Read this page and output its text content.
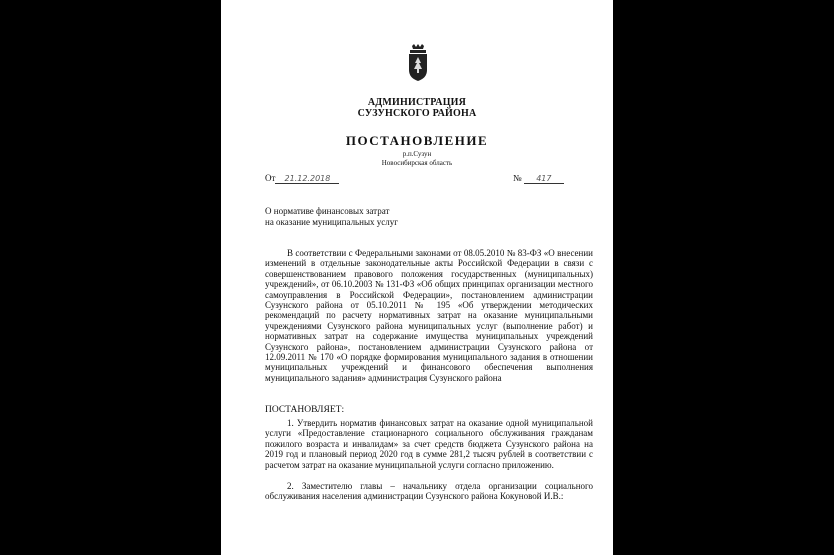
АДМИНИСТРАЦИЯ
СУЗУНСКОГО РАЙОНА
ПОСТАНОВЛЕНИЕ
р.п.Сузун
Новосибирская область
От 21.12.2018	№ 417
О нормативе финансовых затрат
на оказание муниципальных услуг
В соответствии с Федеральными законами от 08.05.2010 № 83-ФЗ «О внесении изменений в отдельные законодательные акты Российской Федерации в связи с совершенствованием правового положения государственных (муниципальных) учреждений», от 06.10.2003 № 131-ФЗ «Об общих принципах организации местного самоуправления в Российской Федерации», постановлением администрации Сузунского района от 05.10.2011 № 195 «Об утверждении методических рекомендаций по расчету нормативных затрат на оказание муниципальными учреждениями Сузунского района муниципальных услуг (выполнение работ) и нормативных затрат на содержание имущества муниципальных учреждений Сузунского района», постановлением администрации Сузунского района от 12.09.2011 № 170 «О порядке формирования муниципального задания в отношении муниципальных учреждений и финансового обеспечения выполнения муниципального задания» администрация Сузунского района
ПОСТАНОВЛЯЕТ:
1. Утвердить норматив финансовых затрат на оказание одной муниципальной услуги «Предоставление стационарного социального обслуживания гражданам пожилого возраста и инвалидам» за счет средств бюджета Сузунского района на 2019 год и плановый период 2020 год в сумме 281,2 тысяч рублей в соответствии с расчетом затрат на оказание муниципальной услуги согласно приложению.
2. Заместителю главы – начальнику отдела организации социального обслуживания населения администрации Сузунского района Кокуновой И.В.:
